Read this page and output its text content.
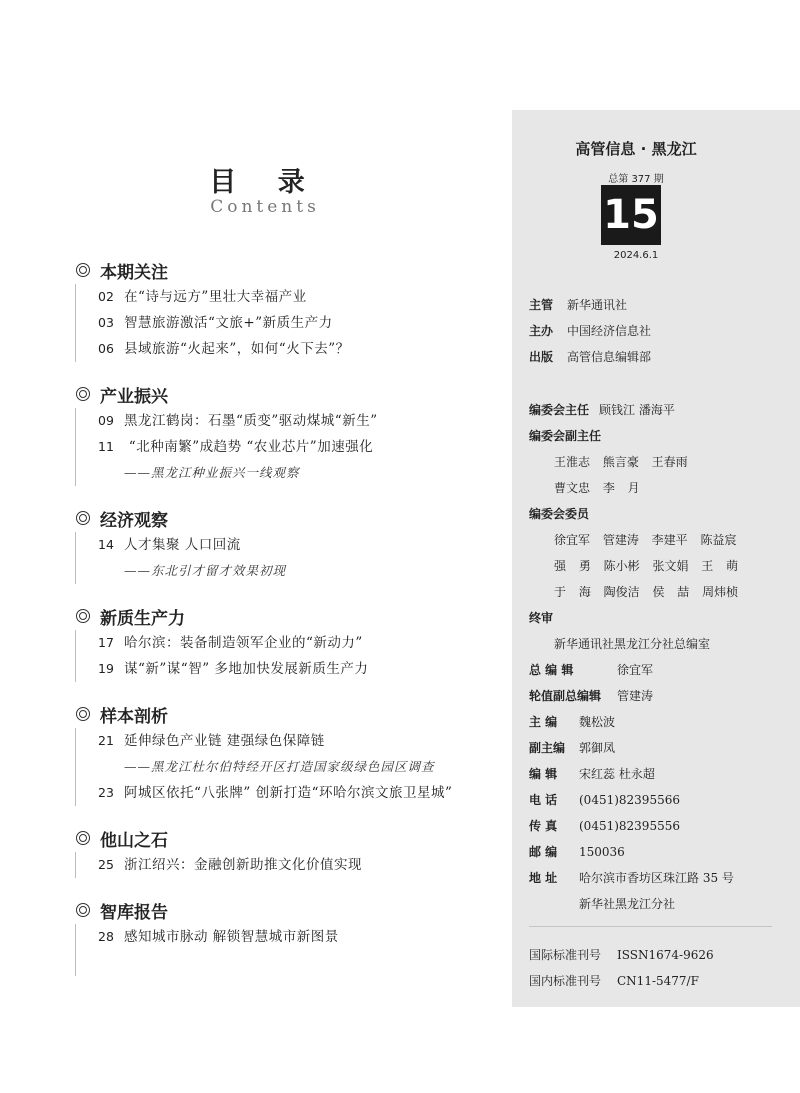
目 录
Contents
本期关注
02 在“诗与远方”里壮大幸福产业
03 智慧旅游激活“文旅+”新质生产力
06 县域旅游“火起来”，如何“火下去”？
产业振兴
09 黑龙江鹤岗：石墨“质变”驱动煤城“新生”
11 “北种南繁”成趋势 “农业芯片”加速强化
——黑龙江种业振兴一线观察
经济观察
14 人才集聚 人口回流
——东北引才留才效果初现
新质生产力
17 哈尔滨：装备制造领军企业的“新动力”
19 谋“新”谋“智” 多地加快发展新质生产力
样本剖析
21 延伸绿色产业链 建强绿色保障链
——黑龙江杜尔伯特经开区打造国家级绿色园区调查
23 阿城区依托“八张牌” 创新打造“环哈尔滨文旅卫星城”
他山之石
25 浙江绍兴：金融创新助推文化价值实现
智库报告
28 感知城市脉动 解锁智慧城市新图景
高管信息 · 黑龙江
总第 377 期
15
2024.6.1
主管 新华通讯社
主办 中国经济信息社
出版 高管信息编辑部
编委会主任 顾钱江 潘海平
编委会副主任
王淮志 熊言豪 王春雨
曹文忠 李 月
编委会委员
徐宜军 管建涛 李建平 陈益宸
强 勇 陈小彬 张文娟 王 萌
于 海 陶俊洁 侯 喆 周炜桢
终审
新华通讯社黑龙江分社总编室
总 编 辑	徐宜军
轮值副总编辑 管建涛
主 编 魏松波
副主编 郭御凤
编 辑 宋红蕊 杜永超
电 话 (0451)82395566
传 真 (0451)82395556
邮 编 150036
地 址 哈尔滨市香坊区珠江路 35 号
新华社黑龙江分社
国际标准刊号 ISSN1674-9626
国内标准刊号 CN11-5477/F
